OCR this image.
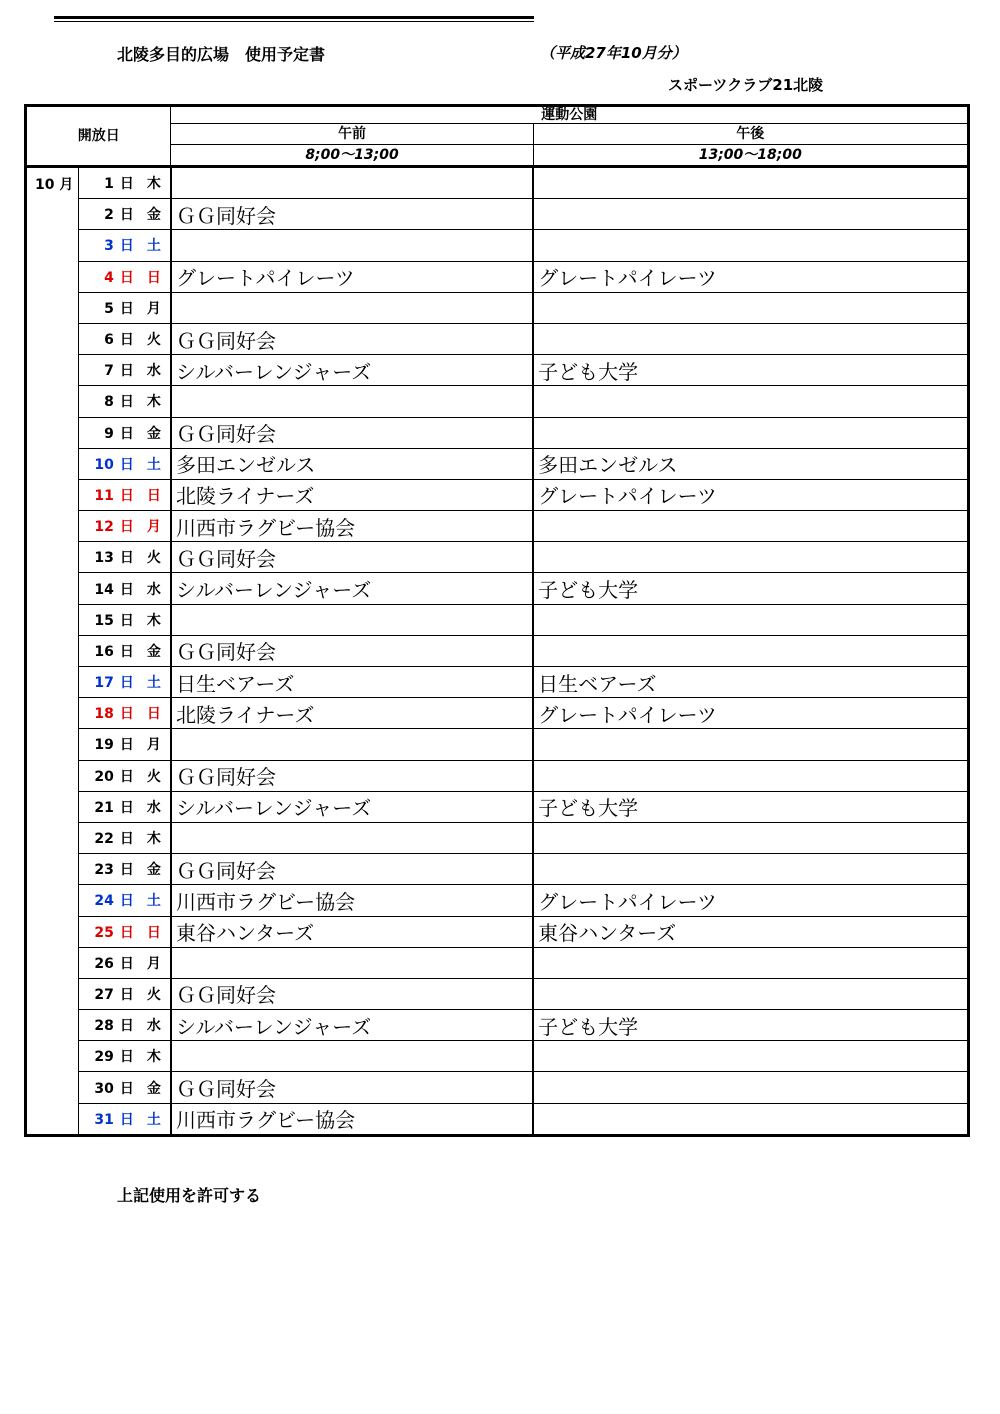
北陵多目的広場　使用予定書	（平成27年10月分）
スポーツクラブ21北陵
開放日			運動公園	
			午前	午後
			8;00～13;00	13;00～18;00
10 月	1 日	木		
	2 日	金	ＧＧ同好会	
	3 日	土		
	4 日	日	グレートパイレーツ	グレートパイレーツ
	5 日	月		
	6 日	火	ＧＧ同好会	
	7 日	水	シルバーレンジャーズ	子ども大学
	8 日	木		
	9 日	金	ＧＧ同好会	
	10 日	土	多田エンゼルス	多田エンゼルス
	11 日	日	北陵ライナーズ	グレートパイレーツ
	12 日	月	川西市ラグビー協会	
	13 日	火	ＧＧ同好会	
	14 日	水	シルバーレンジャーズ	子ども大学
	15 日	木		
	16 日	金	ＧＧ同好会	
	17 日	土	日生ベアーズ	日生ベアーズ
	18 日	日	北陵ライナーズ	グレートパイレーツ
	19 日	月		
	20 日	火	ＧＧ同好会	
	21 日	水	シルバーレンジャーズ	子ども大学
	22 日	木		
	23 日	金	ＧＧ同好会	
	24 日	土	川西市ラグビー協会	グレートパイレーツ
	25 日	日	東谷ハンターズ	東谷ハンターズ
	26 日	月		
	27 日	火	ＧＧ同好会	
	28 日	水	シルバーレンジャーズ	子ども大学
	29 日	木		
	30 日	金	ＧＧ同好会	
	31 日	土	川西市ラグビー協会	
上記使用を許可する
